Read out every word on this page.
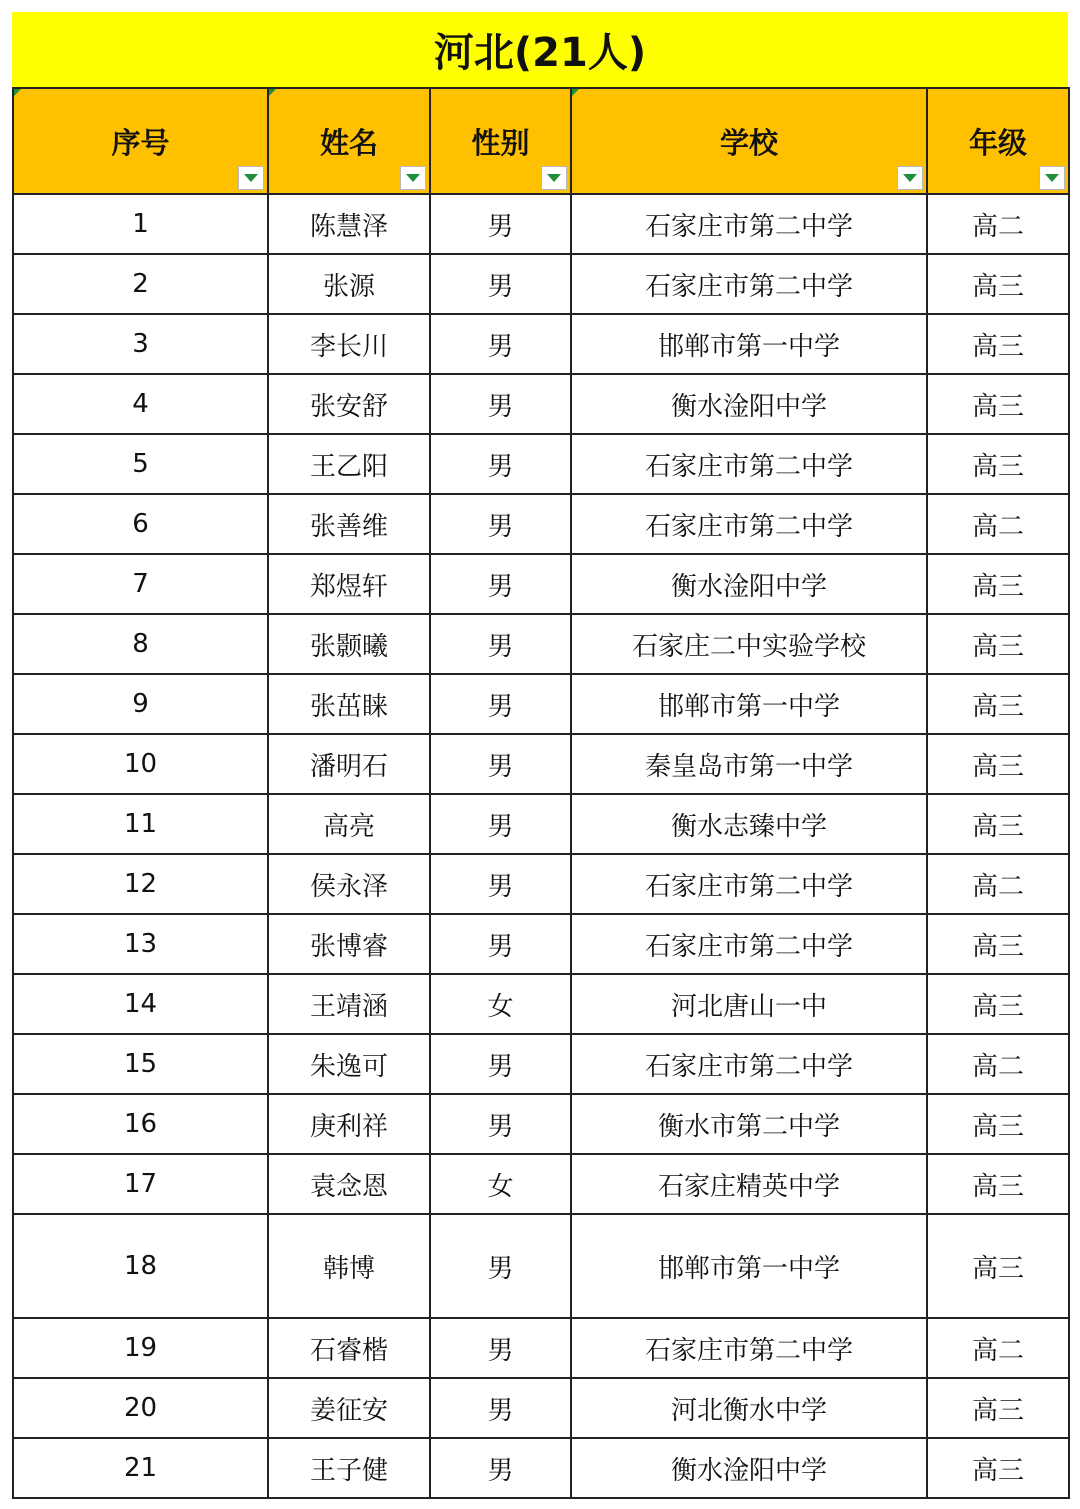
河北(21人)
序号	姓名	性别	学校	年级

1	陈慧泽	男	石家庄市第二中学	高二
2	张源	男	石家庄市第二中学	高三
3	李长川	男	邯郸市第一中学	高三
4	张安舒	男	衡水淦阳中学	高三
5	王乙阳	男	石家庄市第二中学	高三
6	张善维	男	石家庄市第二中学	高二
7	郑煜轩	男	衡水淦阳中学	高三
8	张颢曦	男	石家庄二中实验学校	高三
9	张茁睐	男	邯郸市第一中学	高三
10	潘明石	男	秦皇岛市第一中学	高三
11	高亮	男	衡水志臻中学	高三
12	侯永泽	男	石家庄市第二中学	高二
13	张博睿	男	石家庄市第二中学	高三
14	王靖涵	女	河北唐山一中	高三
15	朱逸可	男	石家庄市第二中学	高二
16	庚利祥	男	衡水市第二中学	高三
17	袁念恩	女	石家庄精英中学	高三
18	韩博	男	邯郸市第一中学	高三
19	石睿楷	男	石家庄市第二中学	高二
20	姜征安	男	河北衡水中学	高三
21	王子健	男	衡水淦阳中学	高三
